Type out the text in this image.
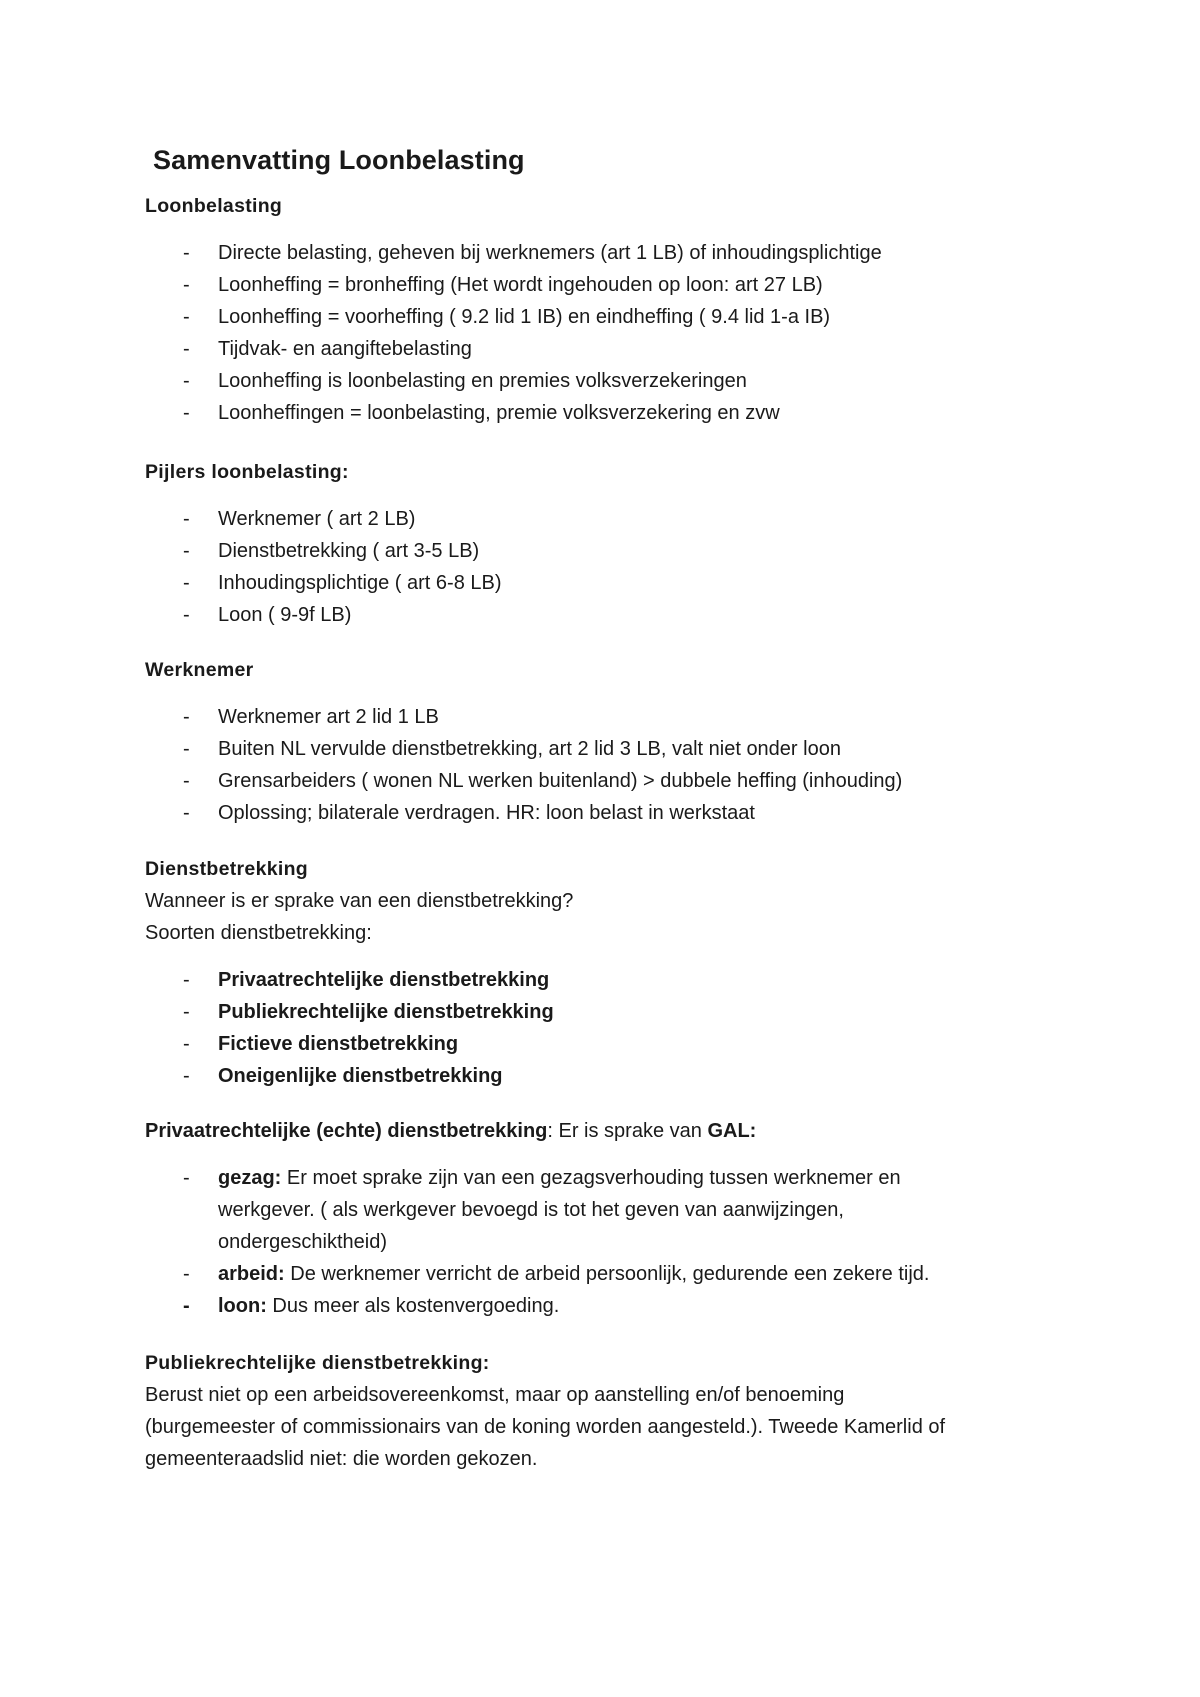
Samenvatting Loonbelasting

Loonbelasting

- Directe belasting, geheven bij werknemers (art 1 LB) of inhoudingsplichtige
- Loonheffing = bronheffing (Het wordt ingehouden op loon: art 27 LB)
- Loonheffing = voorheffing ( 9.2 lid 1 IB) en eindheffing ( 9.4 lid 1-a IB)
- Tijdvak- en aangiftebelasting
- Loonheffing is loonbelasting en premies volksverzekeringen
- Loonheffingen = loonbelasting, premie volksverzekering en zvw

Pijlers loonbelasting:

- Werknemer ( art 2 LB)
- Dienstbetrekking ( art 3-5 LB)
- Inhoudingsplichtige ( art 6-8 LB)
- Loon ( 9-9f LB)

Werknemer

- Werknemer art 2 lid 1 LB
- Buiten NL vervulde dienstbetrekking, art 2 lid 3 LB, valt niet onder loon
- Grensarbeiders ( wonen NL werken buitenland) > dubbele heffing (inhouding)
- Oplossing; bilaterale verdragen. HR: loon belast in werkstaat

Dienstbetrekking

Wanneer is er sprake van een dienstbetrekking?

Soorten dienstbetrekking:

- Privaatrechtelijke dienstbetrekking
- Publiekrechtelijke dienstbetrekking
- Fictieve dienstbetrekking
- Oneigenlijke dienstbetrekking

Privaatrechtelijke (echte) dienstbetrekking: Er is sprake van GAL:

- gezag: Er moet sprake zijn van een gezagsverhouding tussen werknemer en
werkgever. ( als werkgever bevoegd is tot het geven van aanwijzingen,
ondergeschiktheid)
- arbeid: De werknemer verricht de arbeid persoonlijk, gedurende een zekere tijd.
- loon: Dus meer als kostenvergoeding.

Publiekrechtelijke dienstbetrekking:

Berust niet op een arbeidsovereenkomst, maar op aanstelling en/of benoeming

(burgemeester of commissionairs van de koning worden aangesteld.). Tweede Kamerlid of

gemeenteraadslid niet: die worden gekozen.
